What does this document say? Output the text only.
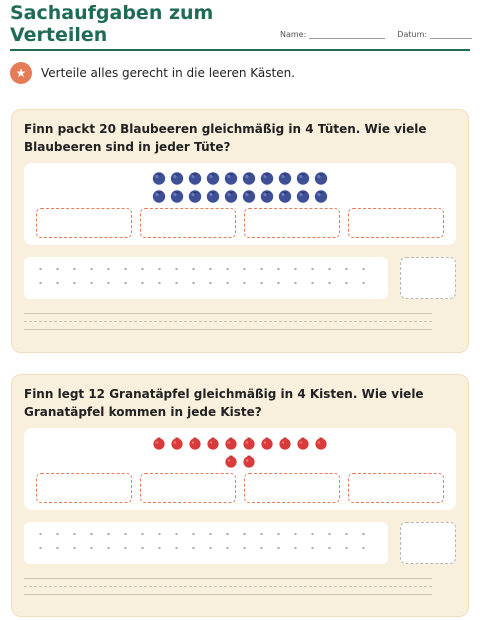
Sachaufgaben zum
Verteilen	Name:	Datum:
★	Verteile alles gerecht in die leeren Kästen.
Finn packt 20 Blaubeeren gleichmäßig in 4 Tüten. Wie viele Blaubeeren sind in jeder Tüte?
Finn legt 12 Granatäpfel gleichmäßig in 4 Kisten. Wie viele Granatäpfel kommen in jede Kiste?
